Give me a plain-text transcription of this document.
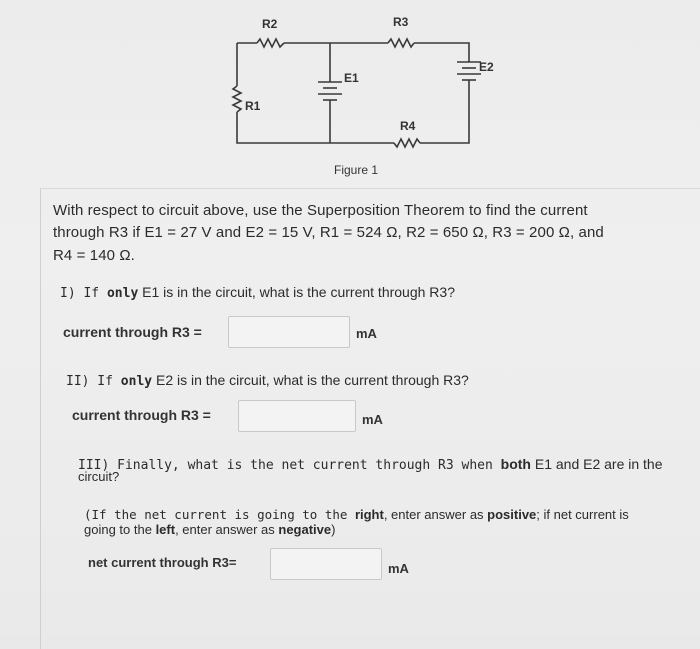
R2	R3
R1
E1
E2
R4
Figure 1
With respect to circuit above, use the Superposition Theorem to find the current
through R3 if E1 = 27 V and E2 = 15 V, R1 = 524 Ω, R2 = 650 Ω, R3 = 200 Ω, and
R4 = 140 Ω.
I) If only E1 is in the circuit, what is the current through R3?
current through R3 =	mA
II) If only E2 is in the circuit, what is the current through R3?
current through R3 =	mA
III) Finally, what is the net current through R3 when both E1 and E2 are in the
circuit?
(If the net current is going to the right, enter answer as positive; if net current is
going to the left, enter answer as negative)
net current through R3=	mA
